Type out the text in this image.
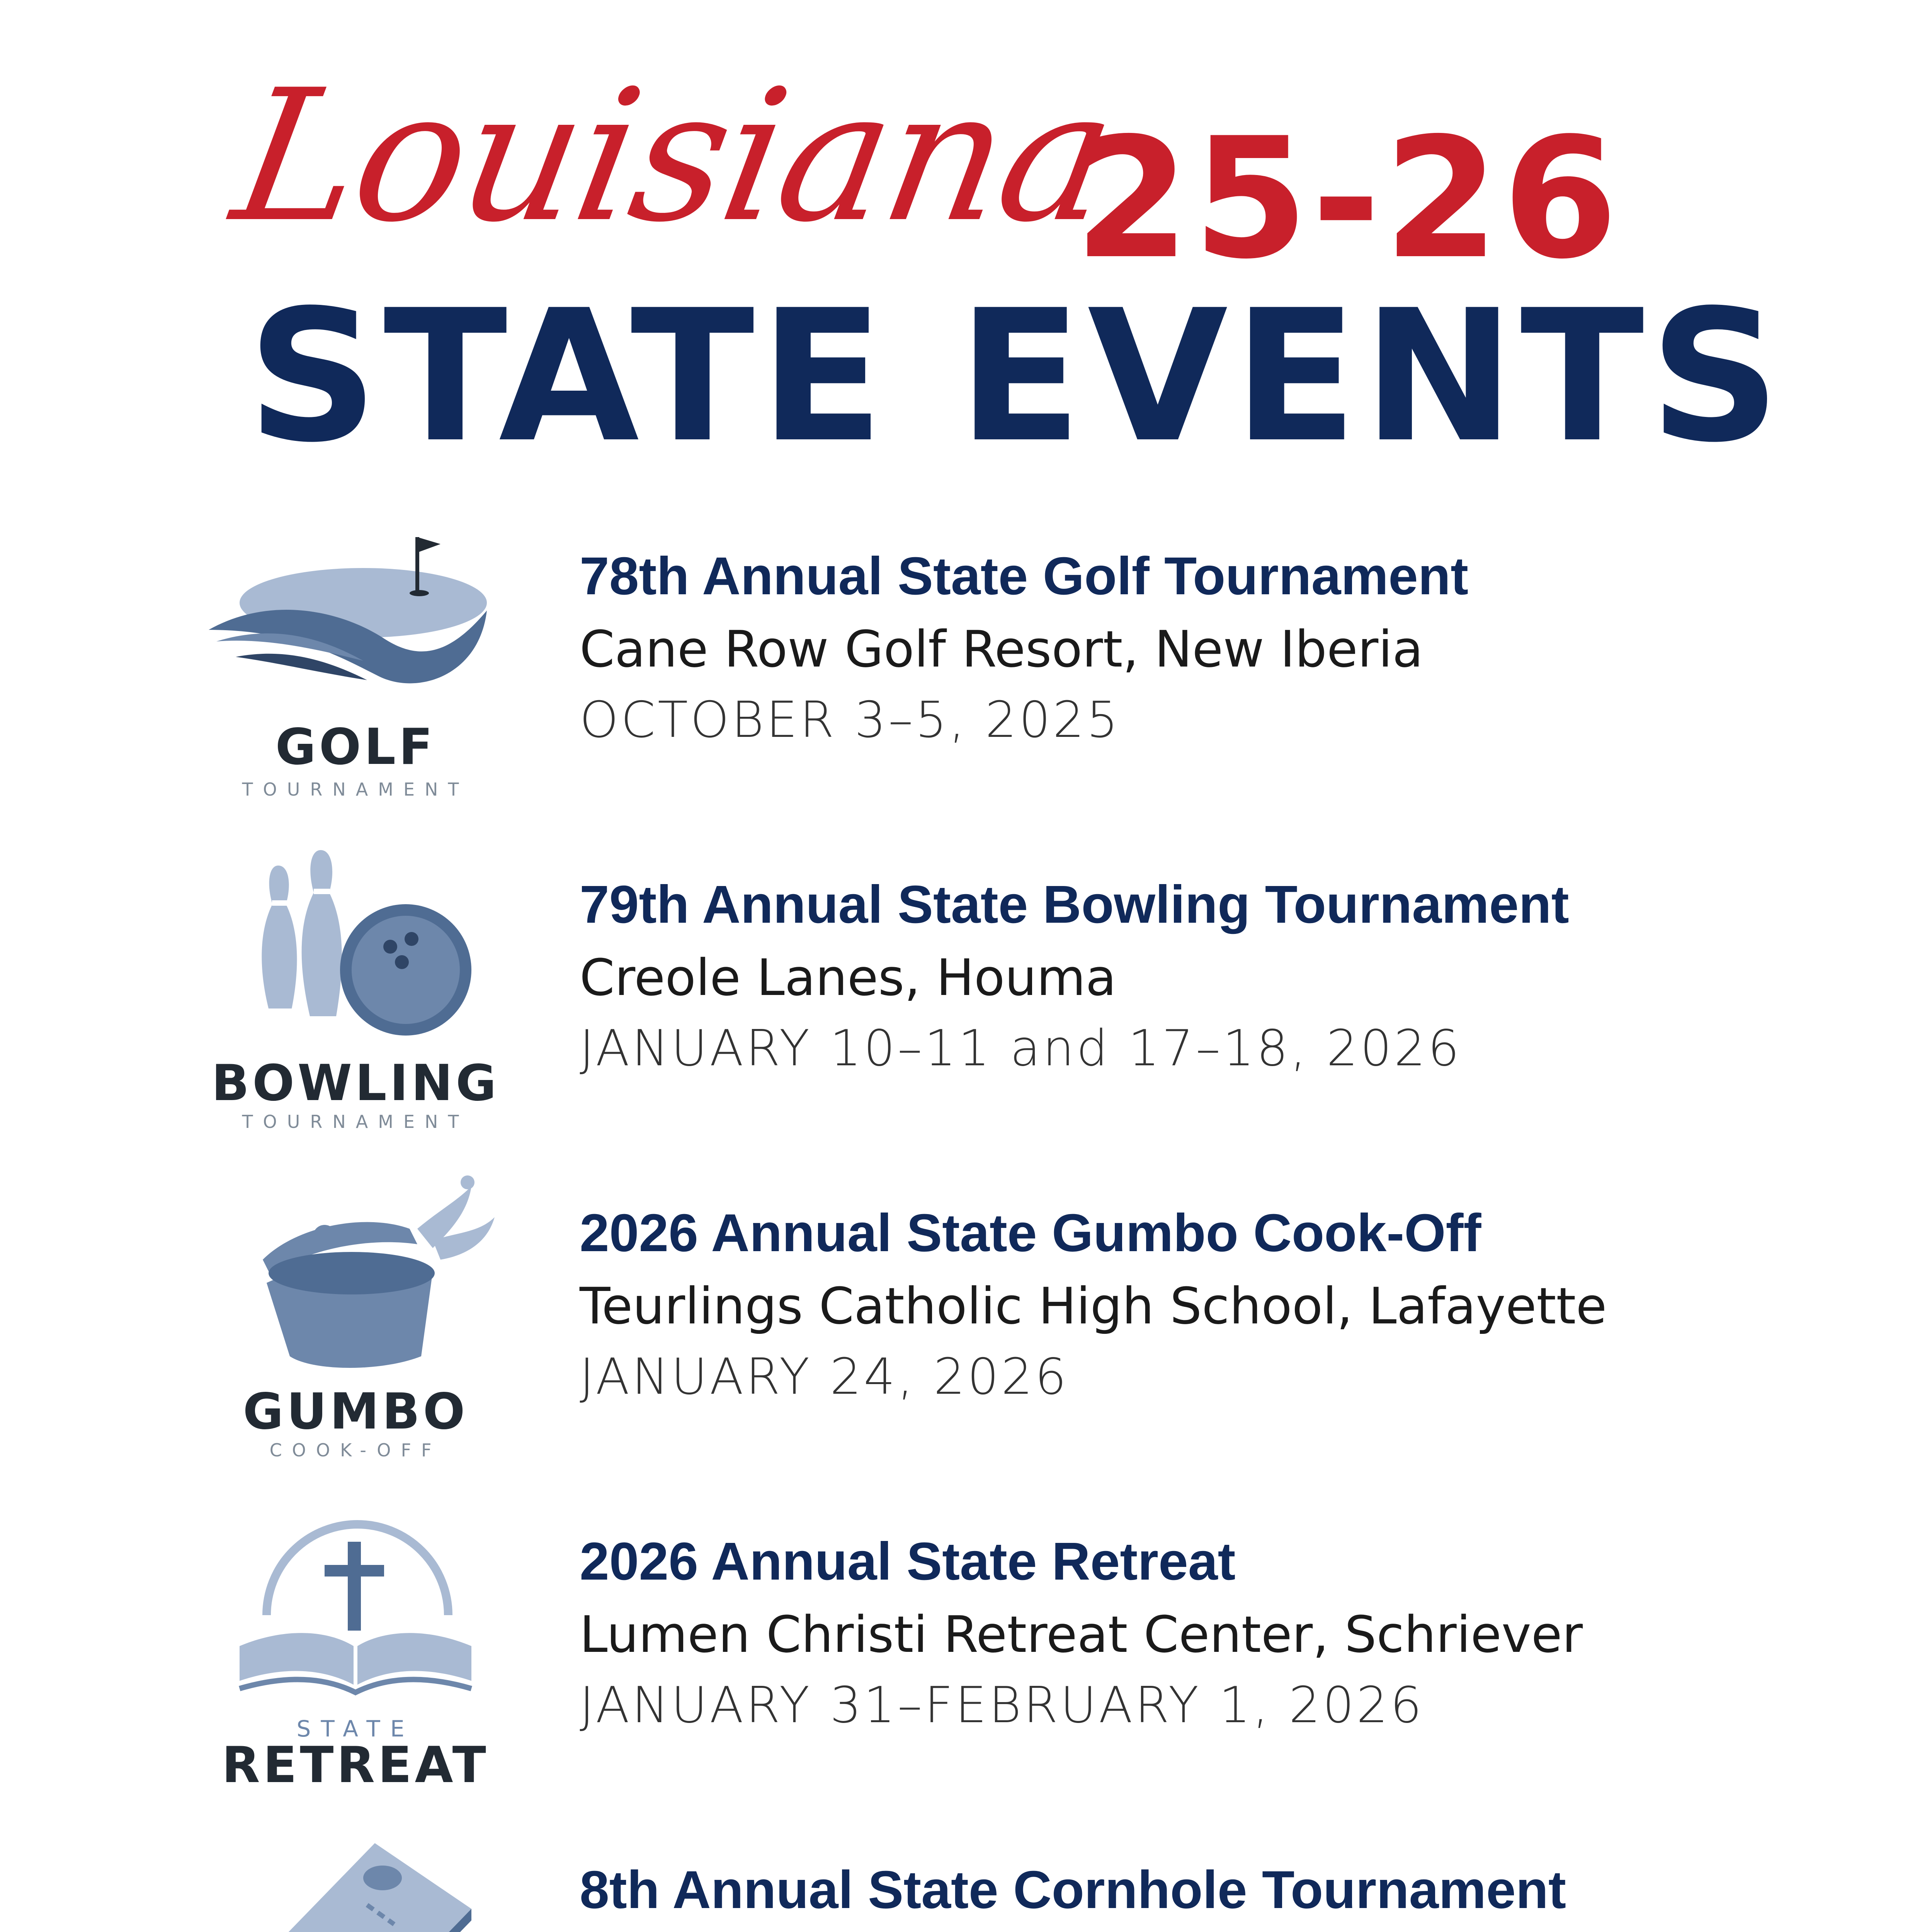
Louisiana
25-26
STATE EVENTS
GOLF
TOURNAMENT
78th Annual State Golf Tournament
Cane Row Golf Resort, New Iberia
OCTOBER 3–5, 2025
BOWLING
TOURNAMENT
79th Annual State Bowling Tournament
Creole Lanes, Houma
JANUARY 10–11 and 17–18, 2026
GUMBO
COOK-OFF
2026 Annual State Gumbo Cook-Off
Teurlings Catholic High School, Lafayette
JANUARY 24, 2026
STATE
RETREAT
2026 Annual State Retreat
Lumen Christi Retreat Center, Schriever
JANUARY 31–FEBRUARY 1, 2026
8th Annual State Cornhole Tournament
